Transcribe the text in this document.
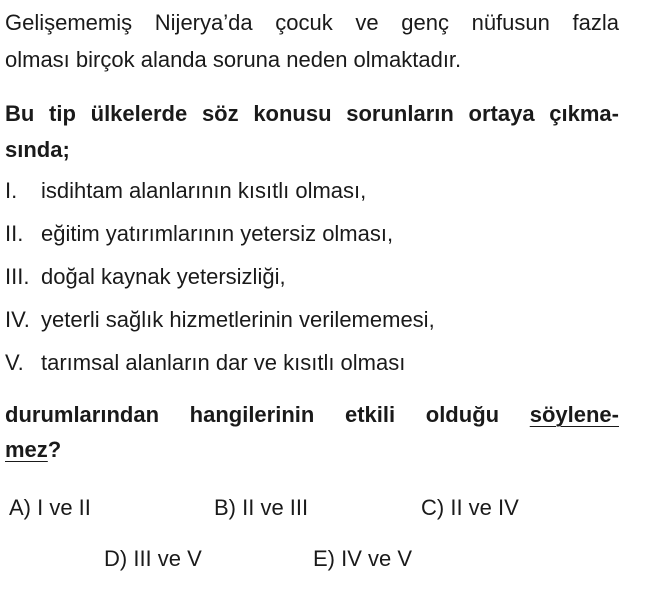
Gelişememiş Nijerya’da çocuk ve genç nüfusun fazla
olması birçok alanda soruna neden olmaktadır.
Bu tip ülkelerde söz konusu sorunların ortaya çıkma-
sında;
I. isdihtam alanlarının kısıtlı olması,
II. eğitim yatırımlarının yetersiz olması,
III. doğal kaynak yetersizliği,
IV. yeterli sağlık hizmetlerinin verilememesi,
V. tarımsal alanların dar ve kısıtlı olması
durumlarından hangilerinin etkili olduğu söylene-
mez?
A) I ve II	B) II ve III	C) II ve IV
D) III ve V	E) IV ve V
